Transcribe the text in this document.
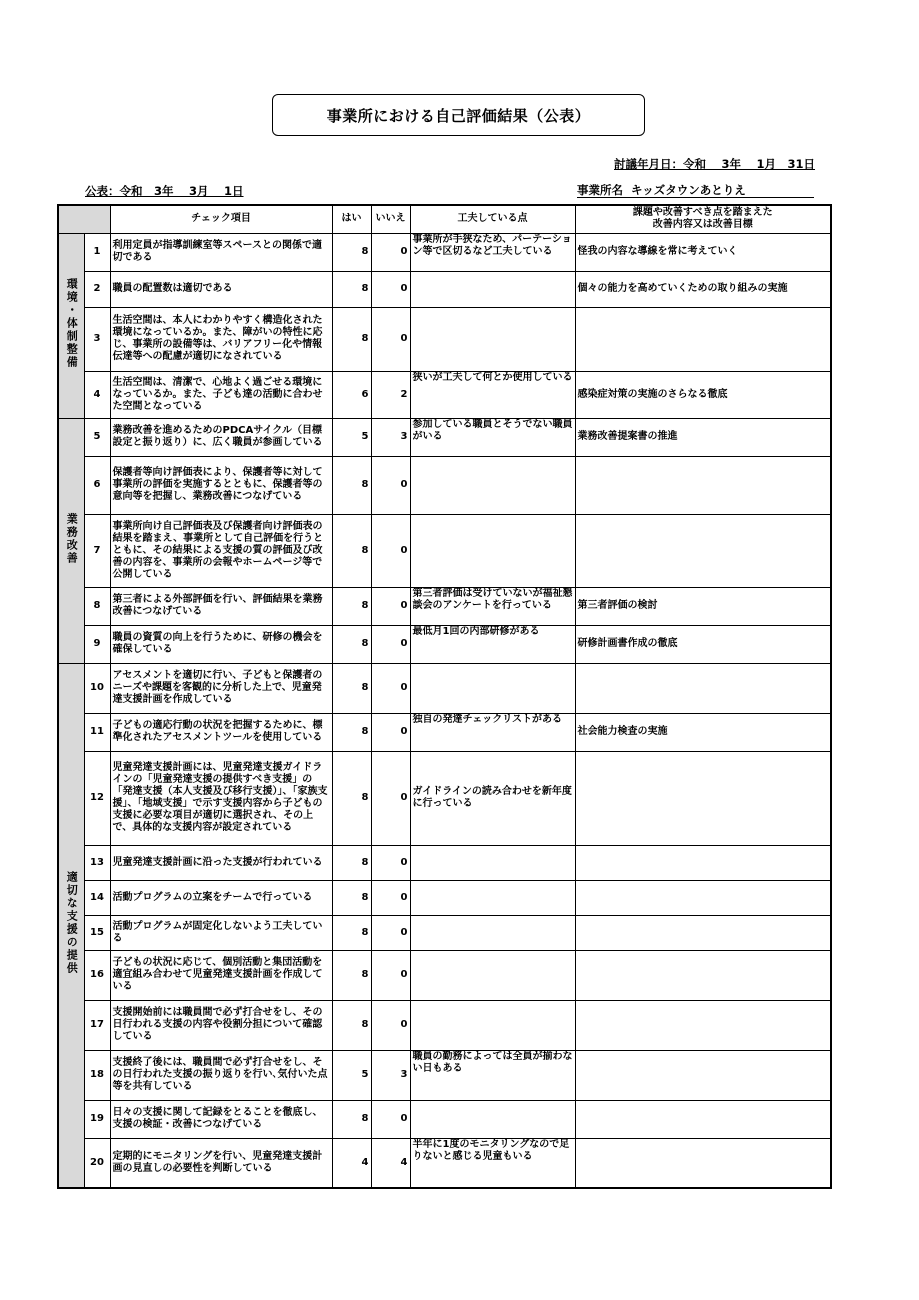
事業所における自己評価結果（公表）
討議年月日：令和　 3年　 1月　31日
公表：令和　3年　 3月　 1日	事業所名 キッズタウンあとりえ
		チェック項目	はい	いいえ	工夫している点	課題や改善すべき点を踏まえた
改善内容又は改善目標
環境・体制整備	1	利用定員が指導訓練室等スペースとの関係で適切である	8	0	事業所が手狭なため、パーテーション等で区切るなど工夫している	怪我の内容な導線を常に考えていく
	2	職員の配置数は適切である	8	0		個々の能力を高めていくための取り組みの実施
	3	生活空間は、本人にわかりやすく構造化された環境になっているか。また、障がいの特性に応じ、事業所の設備等は、バリアフリー化や情報伝達等への配慮が適切になされている	8	0		
	4	生活空間は、清潔で、心地よく過ごせる環境になっているか。また、子ども達の活動に合わせた空間となっている	6	2	狭いが工夫して何とか使用している	感染症対策の実施のさらなる徹底
業務改善	5	業務改善を進めるためのPDCAサイクル（目標設定と振り返り）に、広く職員が参画している	5	3	参加している職員とそうでない職員がいる	業務改善提案書の推進
	6	保護者等向け評価表により、保護者等に対して事業所の評価を実施するとともに、保護者等の意向等を把握し、業務改善につなげている	8	0		
	7	事業所向け自己評価表及び保護者向け評価表の結果を踏まえ、事業所として自己評価を行うとともに、その結果による支援の質の評価及び改善の内容を、事業所の会報やホームページ等で公開している	8	0		
	8	第三者による外部評価を行い、評価結果を業務改善につなげている	8	0	第三者評価は受けていないが福祉懇談会のアンケートを行っている	第三者評価の検討
	9	職員の資質の向上を行うために、研修の機会を確保している	8	0	最低月1回の内部研修がある	研修計画書作成の徹底
適切な支援の提供	10	アセスメントを適切に行い、子どもと保護者のニーズや課題を客観的に分析した上で、児童発達支援計画を作成している	8	0		
	11	子どもの適応行動の状況を把握するために、標準化されたアセスメントツールを使用している	8	0	独自の発達チェックリストがある	社会能力検査の実施
	12	児童発達支援計画には、児童発達支援ガイドラインの「児童発達支援の提供すべき支援」の「発達支援（本人支援及び移行支援）」、「家族支援」、「地域支援」で示す支援内容から子どもの支援に必要な項目が適切に選択され、その上で、具体的な支援内容が設定されている	8	0	ガイドラインの読み合わせを新年度に行っている	
	13	児童発達支援計画に沿った支援が行われている	8	0		
	14	活動プログラムの立案をチームで行っている	8	0		
	15	活動プログラムが固定化しないよう工夫している	8	0		
	16	子どもの状況に応じて、個別活動と集団活動を適宜組み合わせて児童発達支援計画を作成している	8	0		
	17	支援開始前には職員間で必ず打合せをし、その日行われる支援の内容や役割分担について確認している	8	0		
	18	支援終了後には、職員間で必ず打合せをし、その日行われた支援の振り返りを行い､気付いた点等を共有している	5	3	職員の勤務によっては全員が揃わない日もある	
	19	日々の支援に関して記録をとることを徹底し、支援の検証・改善につなげている	8	0		
	20	定期的にモニタリングを行い、児童発達支援計画の見直しの必要性を判断している	4	4	半年に1度のモニタリングなので足りないと感じる児童もいる	
